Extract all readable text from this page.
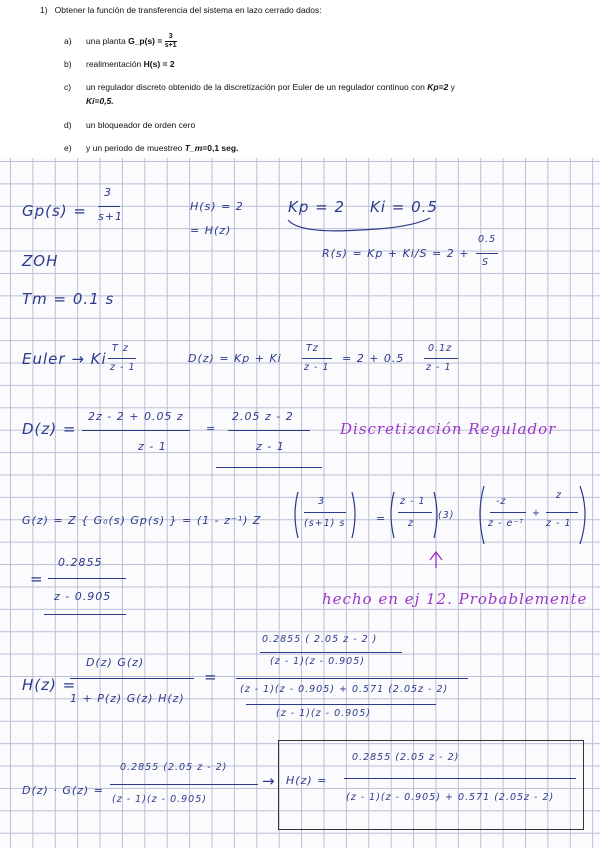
1) Obtener la función de transferencia del sistema en lazo cerrado dados:
a) una planta G_p(s) = $\frac{3}{s+1}$
b) realimentación H(s) = 2
c) un regulador discreto obtenido de la discretización por Euler de un regulador continuo con Kp=2 y
Ki=0,5.
d) un bloqueador de orden cero
e) y un periodo de muestreo T_m=0,1 seg.
Gp(s) =
3
s+1
H(s) = 2
= H(z)
Kp = 2 Ki = 0.5
ZOH	R(s) = Kp + Ki/S = 2 +
0.5
S
Tm = 0.1 s
Euler → Ki
T z
z - 1
D(z) = Kp + Ki
Tz
z - 1
= 2 + 0.5
0.1z
z - 1
D(z) =
2z - 2 + 0.05 z
z - 1
=
2.05 z - 2
z - 1
Discretización Regulador
G(z) = Z { G₀(s) Gp(s) } = (1 - z⁻¹) Z
3
(s+1) s	=
z - 1
z
(3)
-z
z - e⁻ᵀ
+
z
z - 1
=
0.2855
z - 0.905	hecho en ej 12. Probablemente
H(z) =
D(z) G(z)
1 + P(z) G(z) H(z)
=
0.2855 ( 2.05 z - 2 )
(z - 1)(z - 0.905)
(z - 1)(z - 0.905) + 0.571 (2.05z - 2)
(z - 1)(z - 0.905)
D(z) · G(z) =
0.2855 (2.05 z - 2)
(z - 1)(z - 0.905)
→ H(z) =
0.2855 (2.05 z - 2)
(z - 1)(z - 0.905) + 0.571 (2.05z - 2)
